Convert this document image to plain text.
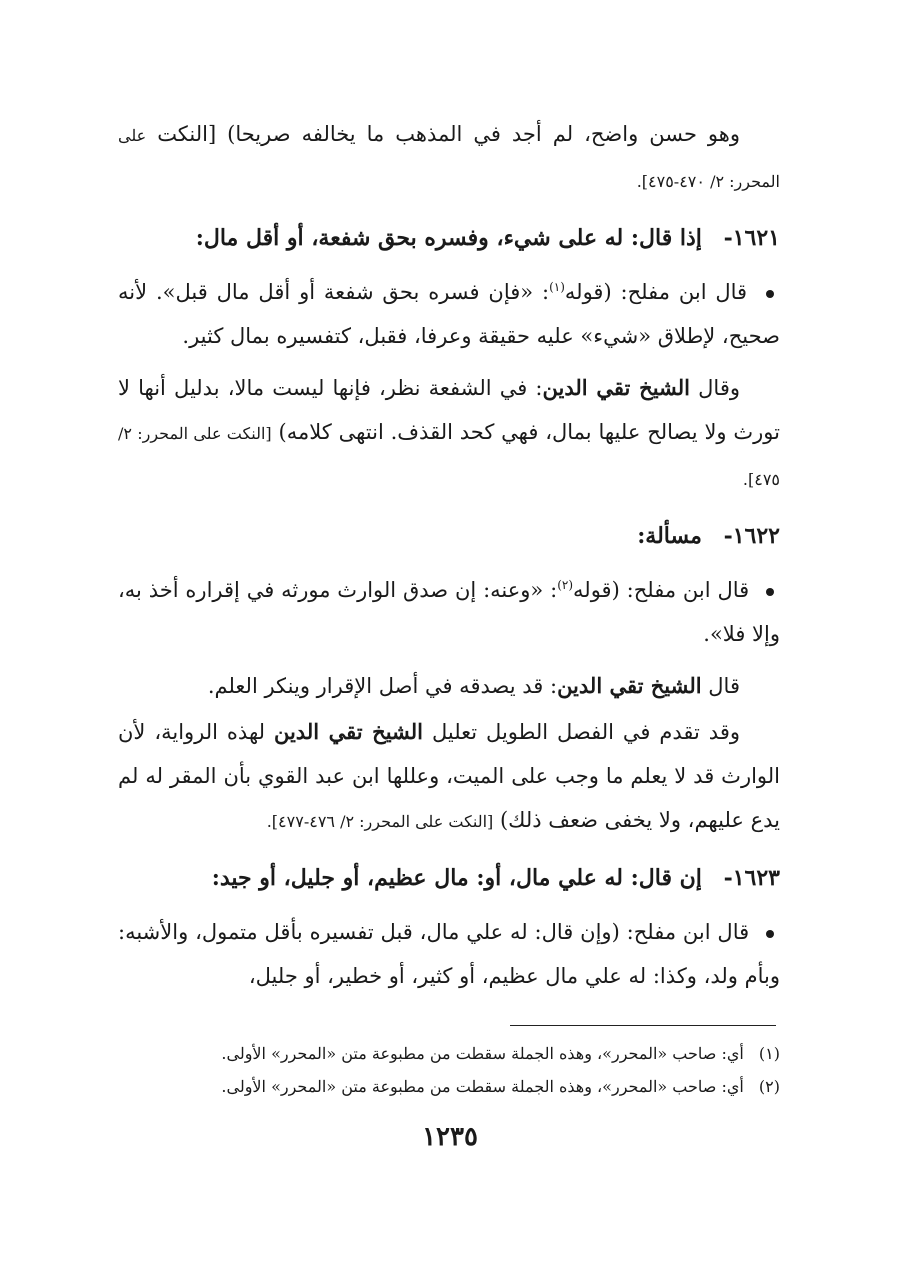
وهو حسن واضح، لم أجد في المذهب ما يخالفه صريحا) [النكت على المحرر: ٢/ ٤٧٠-٤٧٥].

١٦٢١- إذا قال: له على شيء، وفسره بحق شفعة، أو أقل مال:

قال ابن مفلح: (قوله$^{(١)}$: «فإن فسره بحق شفعة أو أقل مال قبل». لأنه صحيح، لإطلاق «شيء» عليه حقيقة وعرفا، فقبل، كتفسيره بمال كثير.

وقال الشيخ تقي الدين: في الشفعة نظر، فإنها ليست مالا، بدليل أنها لا تورث ولا يصالح عليها بمال، فهي كحد القذف. انتهى كلامه) [النكت على المحرر: ٢/ ٤٧٥].

١٦٢٢- مسألة:

قال ابن مفلح: (قوله$^{(٢)}$: «وعنه: إن صدق الوارث مورثه في إقراره أخذ به، وإلا فلا».

قال الشيخ تقي الدين: قد يصدقه في أصل الإقرار وينكر العلم.

وقد تقدم في الفصل الطويل تعليل الشيخ تقي الدين لهذه الرواية، لأن الوارث قد لا يعلم ما وجب على الميت، وعللها ابن عبد القوي بأن المقر له لم يدع عليهم، ولا يخفى ضعف ذلك) [النكت على المحرر: ٢/ ٤٧٦-٤٧٧].

١٦٢٣- إن قال: له علي مال، أو: مال عظيم، أو جليل، أو جيد:

قال ابن مفلح: (وإن قال: له علي مال، قبل تفسيره بأقل متمول، والأشبه: وبأم ولد، وكذا: له علي مال عظيم، أو كثير، أو خطير، أو جليل،

(١) أي: صاحب «المحرر»، وهذه الجملة سقطت من مطبوعة متن «المحرر» الأولى.
(٢) أي: صاحب «المحرر»، وهذه الجملة سقطت من مطبوعة متن «المحرر» الأولى.
١٢٣٥
